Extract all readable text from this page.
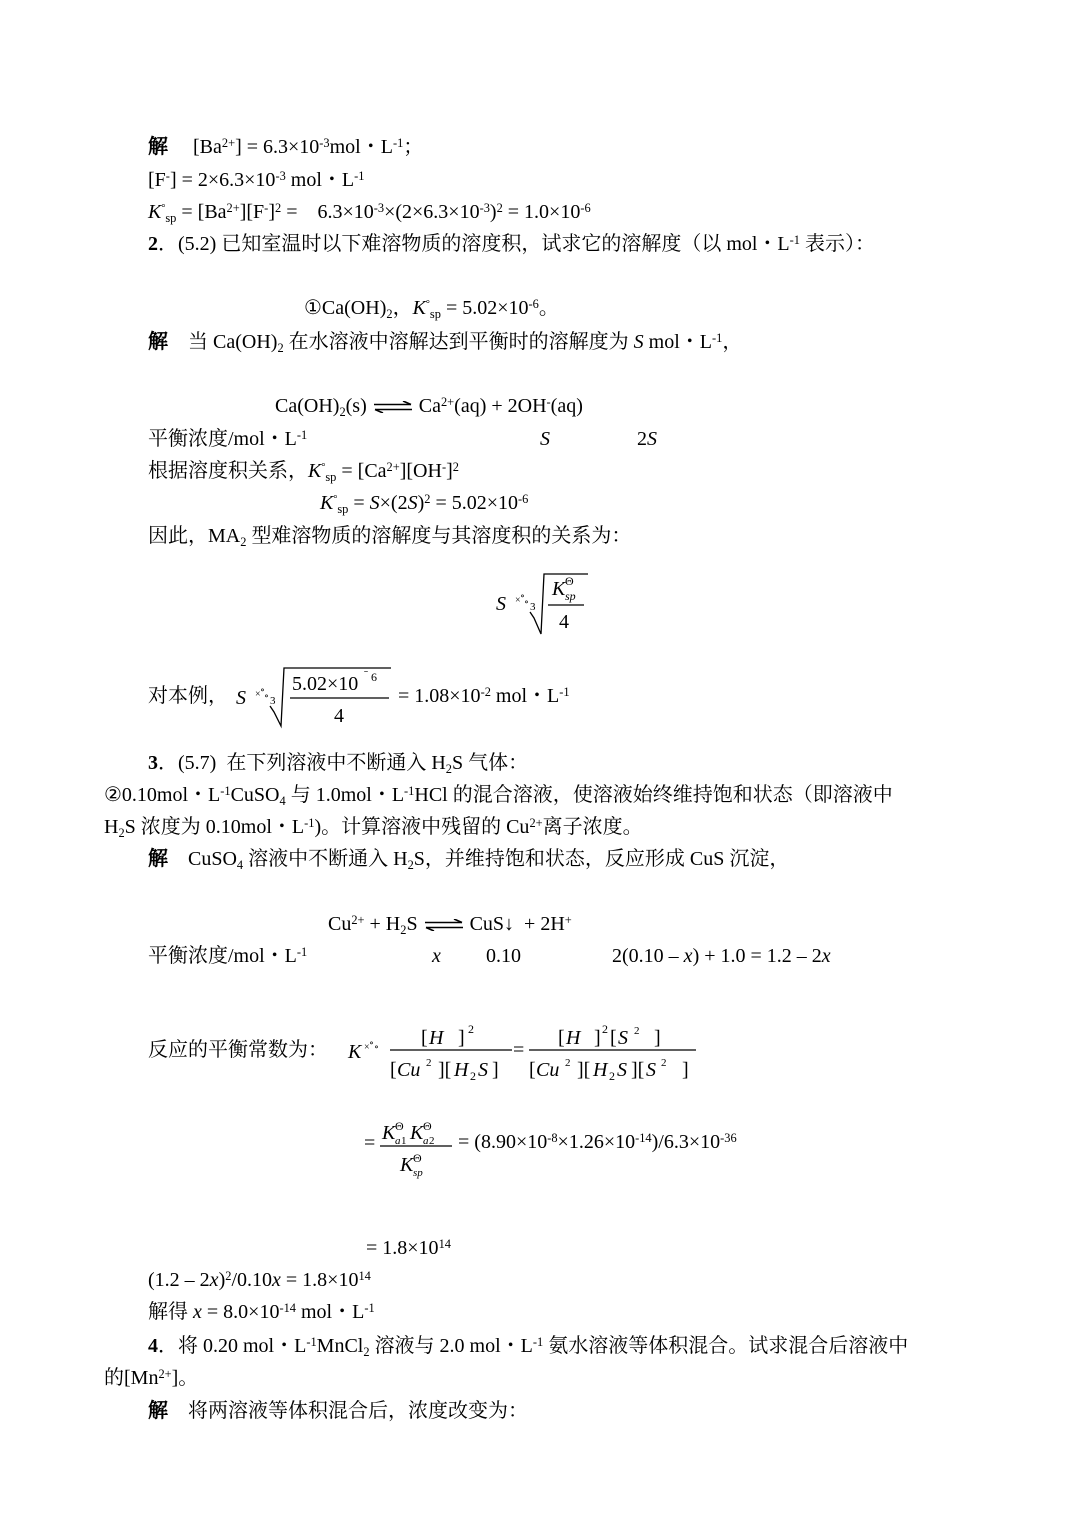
解 $[Ba^{2+}] = 6.3\times 10^{-3}mol$・$L^{-1}$；
$[F^-] = 2\times 6.3\times 10^{-3}$ mol・$L^{-1}$
$K^\circ sp = [Ba^{2+}][F^-]^2$ =    $6.3\times 10^{-3}\times(2\times 6.3\times 10^{-3})^2 = 1.0\times 10^{-6}$
2．(5.2) 已知室温时以下难溶物质的溶度积，试求它的溶解度（以 mol・$L^{-1}$ 表示）：
①Ca(OH)2，$K^\circ sp = 5.02\times 10^{-6}$。
解 当 Ca(OH)2 在水溶液中溶解达到平衡时的溶解度为 S mol・$L^{-1}$，
Ca(OH)2(s) ⇌ $Ca^{2+}(aq) + 2OH^-(aq)$
平衡浓度/mol・$L^{-1}$	S	2S
根据溶度积关系，$K^\circ sp = [Ca^{2+}][OH^-]^2$
$K^\circ sp = S\times(2S)^2 = 5.02\times 10^{-6}$
因此，MA2 型难溶物质的溶解度与其溶度积的关系为：
S × ∘
∘ 3
K Θ
sp
4
对本例， S × ∘
∘ 3
5.02×10 ˉ 6
4
= $1.08\times 10^{-2}$ mol・$L^{-1}$
3．(5.7)  在下列溶液中不断通入 H2S 气体：
②0.10mol・$L^{-1}CuSO4$ 与 1.0mol・$L^{-1}HCl$ 的混合溶液，使溶液始终维持饱和状态（即溶液中
H2S 浓度为 0.10mol・$L^{-1}$)。计算溶液中残留的 $Cu^{2+}$离子浓度。
解 CuSO4 溶液中不断通入 H2S，并维持饱和状态，反应形成 CuS 沉淀，
$Cu^{2+} + H2S$ ⇌ CuS↓  + 2H+
平衡浓度/mol・$L^{-1}$	x 0.10	2(0.10 – x) + 1.0 = 1.2 – 2x
反应的平衡常数为： K × ∘ ∘ [ H ] 2
[ Cu 2 ][ H 2 S ]
=
[ H ] 2 [ S 2 ]
[ Cu 2 ][ H 2 S ][ S 2 ]
= K Θ
a 1 K Θ
a 2
K Θ
sp
= $(8.90\times 10^{-8}\times 1.26\times 10^{-14})/6.3\times 10^{-36}$
= $1.8\times 10^{14}$
$(1.2 - 2x)^2/0.10x = 1.8\times 10^{14}$
解得 $x = 8.0\times 10^{-14}$ mol・$L^{-1}$
4．将 0.20 mol・$L^{-1}MnCl2$ 溶液与 2.0 mol・$L^{-1}$ 氨水溶液等体积混合。试求混合后溶液中
的$[Mn^{2+}]$。
解 将两溶液等体积混合后，浓度改变为：
